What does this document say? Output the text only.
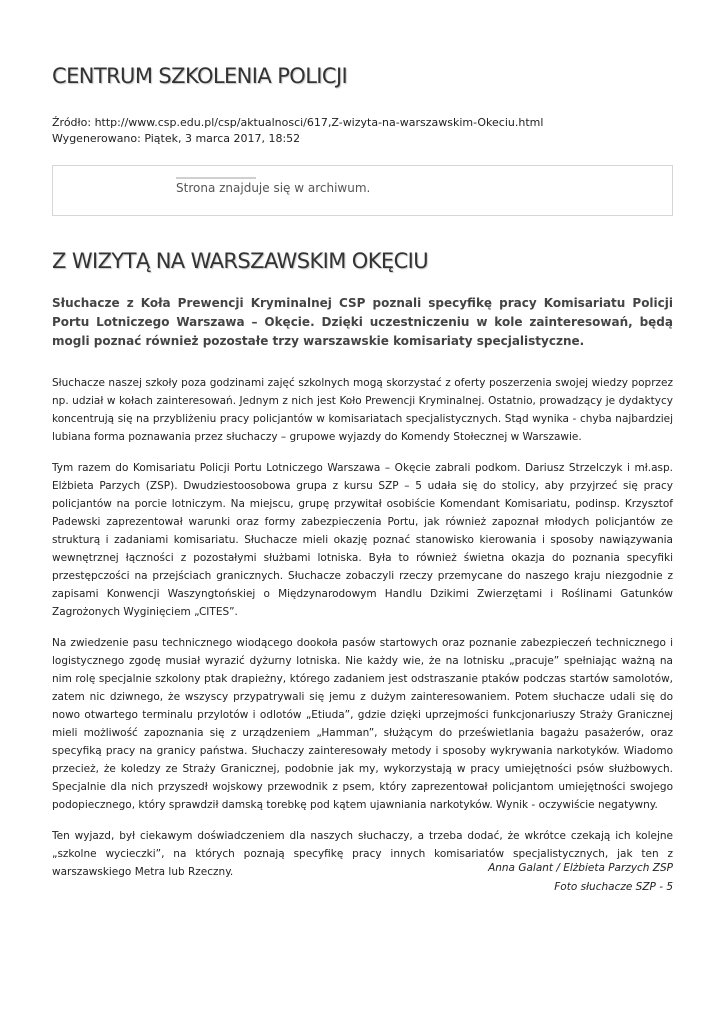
CENTRUM SZKOLENIA POLICJI
Źródło: http://www.csp.edu.pl/csp/aktualnosci/617,Z-wizyta-na-warszawskim-Okeciu.html
Wygenerowano: Piątek, 3 marca 2017, 18:52
Strona znajduje się w archiwum.
Z WIZYTĄ NA WARSZAWSKIM OKĘCIU

Słuchacze z Koła Prewencji Kryminalnej CSP poznali specyfikę pracy Komisariatu Policji Portu Lotniczego Warszawa – Okęcie. Dzięki uczestniczeniu w kole zainteresowań, będą mogli poznać również pozostałe trzy warszawskie komisariaty specjalistyczne.

Słuchacze naszej szkoły poza godzinami zajęć szkolnych mogą skorzystać z oferty poszerzenia swojej wiedzy poprzez np. udział w kołach zainteresowań. Jednym z nich jest Koło Prewencji Kryminalnej. Ostatnio, prowadzący je dydaktycy koncentrują się na przybliżeniu pracy policjantów w komisariatach specjalistycznych. Stąd wynika - chyba najbardziej lubiana forma poznawania przez słuchaczy – grupowe wyjazdy do Komendy Stołecznej w Warszawie.

Tym razem do Komisariatu Policji Portu Lotniczego Warszawa – Okęcie zabrali podkom. Dariusz Strzelczyk i mł.asp. Elżbieta Parzych (ZSP). Dwudziestoosobowa grupa z kursu SZP – 5 udała się do stolicy, aby przyjrzeć się pracy policjantów na porcie lotniczym. Na miejscu, grupę przywitał osobiście Komendant Komisariatu, podinsp. Krzysztof Padewski zaprezentował warunki oraz formy zabezpieczenia Portu, jak również zapoznał młodych policjantów ze strukturą i zadaniami komisariatu. Słuchacze mieli okazję poznać stanowisko kierowania i sposoby nawiązywania wewnętrznej łączności z pozostałymi służbami lotniska. Była to również świetna okazja do poznania specyfiki przestępczości na przejściach granicznych. Słuchacze zobaczyli rzeczy przemycane do naszego kraju niezgodnie z zapisami Konwencji Waszyngtońskiej o Międzynarodowym Handlu Dzikimi Zwierzętami i Roślinami Gatunków Zagrożonych Wyginięciem „CITES”.

Na zwiedzenie pasu technicznego wiodącego dookoła pasów startowych oraz poznanie zabezpieczeń technicznego i logistycznego zgodę musiał wyrazić dyżurny lotniska. Nie każdy wie, że na lotnisku „pracuje” spełniając ważną na nim rolę specjalnie szkolony ptak drapieżny, którego zadaniem jest odstraszanie ptaków podczas startów samolotów, zatem nic dziwnego, że wszyscy przypatrywali się jemu z dużym zainteresowaniem. Potem słuchacze udali się do nowo otwartego terminalu przylotów i odlotów „Etiuda”, gdzie dzięki uprzejmości funkcjonariuszy Straży Granicznej mieli możliwość zapoznania się z urządzeniem „Hamman”, służącym do prześwietlania bagażu pasażerów, oraz specyfiką pracy na granicy państwa. Słuchaczy zainteresowały metody i sposoby wykrywania narkotyków. Wiadomo przecież, że koledzy ze Straży Granicznej, podobnie jak my, wykorzystają w pracy umiejętności psów służbowych. Specjalnie dla nich przyszedł wojskowy przewodnik z psem, który zaprezentował policjantom umiejętności swojego podopiecznego, który sprawdził damską torebkę pod kątem ujawniania narkotyków. Wynik - oczywiście negatywny.

Ten wyjazd, był ciekawym doświadczeniem dla naszych słuchaczy, a trzeba dodać, że wkrótce czekają ich kolejne „szkolne wycieczki”, na których poznają specyfikę pracy innych komisariatów specjalistycznych, jak ten z warszawskiego Metra lub Rzeczny.	Anna Galant / Elżbieta Parzych ZSP
Foto słuchacze SZP - 5
